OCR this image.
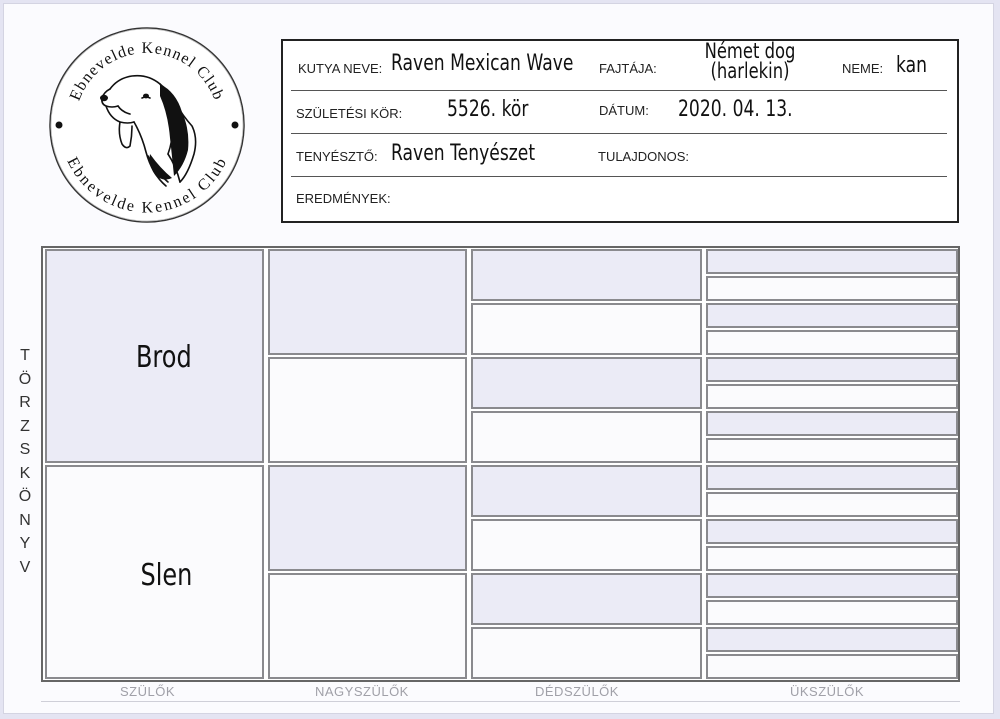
Ebnevelde Kennel Club
Ebnevelde Kennel Club
KUTYA NEVE: Raven Mexican Wave FAJTÁJA:
Német dog
(harlekin)	NEME: kan
SZÜLETÉSI KÖR: 5526. kör	DÁTUM: 2020. 04. 13.
TENYÉSZTŐ: Raven Tenyészet	TULAJDONOS:
EREDMÉNYEK:
T
Ö
R
Z
S
K
Ö
N
Y
V
Brod
Slen
SZÜLŐK	NAGYSZÜLŐK	DÉDSZÜLŐK	ÜKSZÜLŐK
